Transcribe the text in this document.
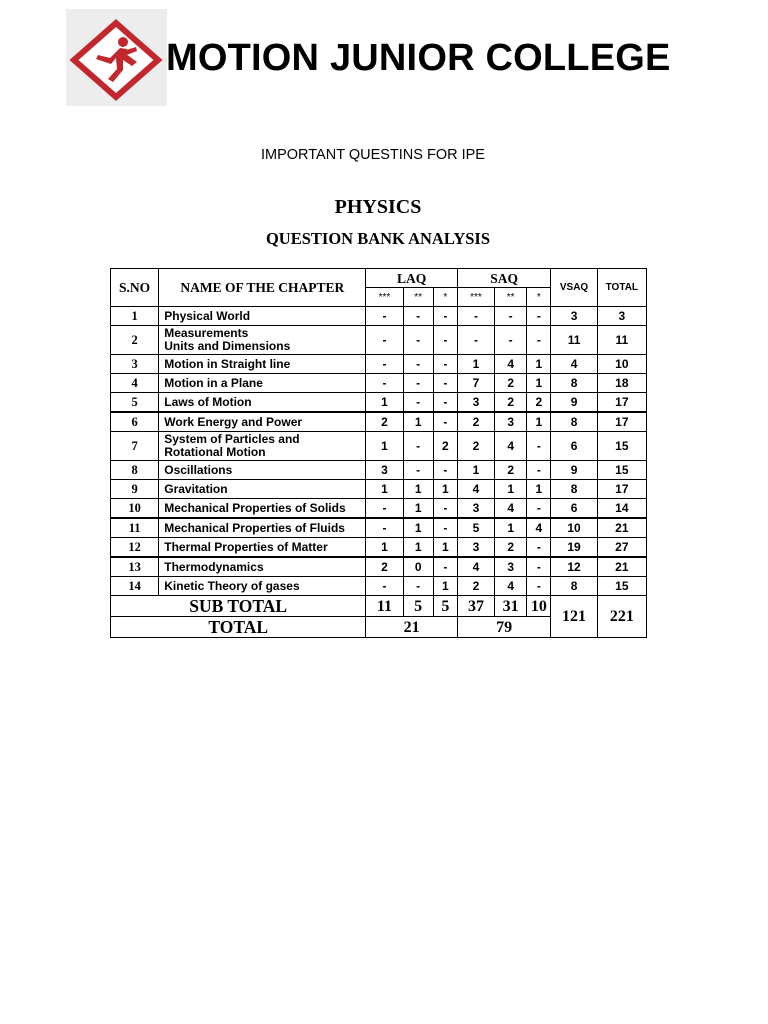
MOTION JUNIOR COLLEGE
IMPORTANT QUESTINS FOR IPE
PHYSICS
QUESTION BANK ANALYSIS
S.NO	NAME OF THE CHAPTER	LAQ			SAQ			VSAQ	TOTAL
		***	**	*	***	**	*		
1	Physical World	-	-	-	-	-	-	3	3
2	Measurements
Units and Dimensions	-	-	-	-	-	-	11	11
3	Motion in Straight line	-	-	-	1	4	1	4	10
4	Motion in a Plane	-	-	-	7	2	1	8	18
5	Laws of Motion	1	-	-	3	2	2	9	17
6	Work Energy and Power	2	1	-	2	3	1	8	17
7	System of Particles and
Rotational Motion	1	-	2	2	4	-	6	15
8	Oscillations	3	-	-	1	2	-	9	15
9	Gravitation	1	1	1	4	1	1	8	17
10	Mechanical Properties of Solids	-	1	-	3	4	-	6	14
11	Mechanical Properties of Fluids	-	1	-	5	1	4	10	21
12	Thermal Properties of Matter	1	1	1	3	2	-	19	27
13	Thermodynamics	2	0	-	4	3	-	12	21
14	Kinetic Theory of gases	-	-	1	2	4	-	8	15
SUB TOTAL		11	5	5	37	31	10	121	221
TOTAL		21			79				
